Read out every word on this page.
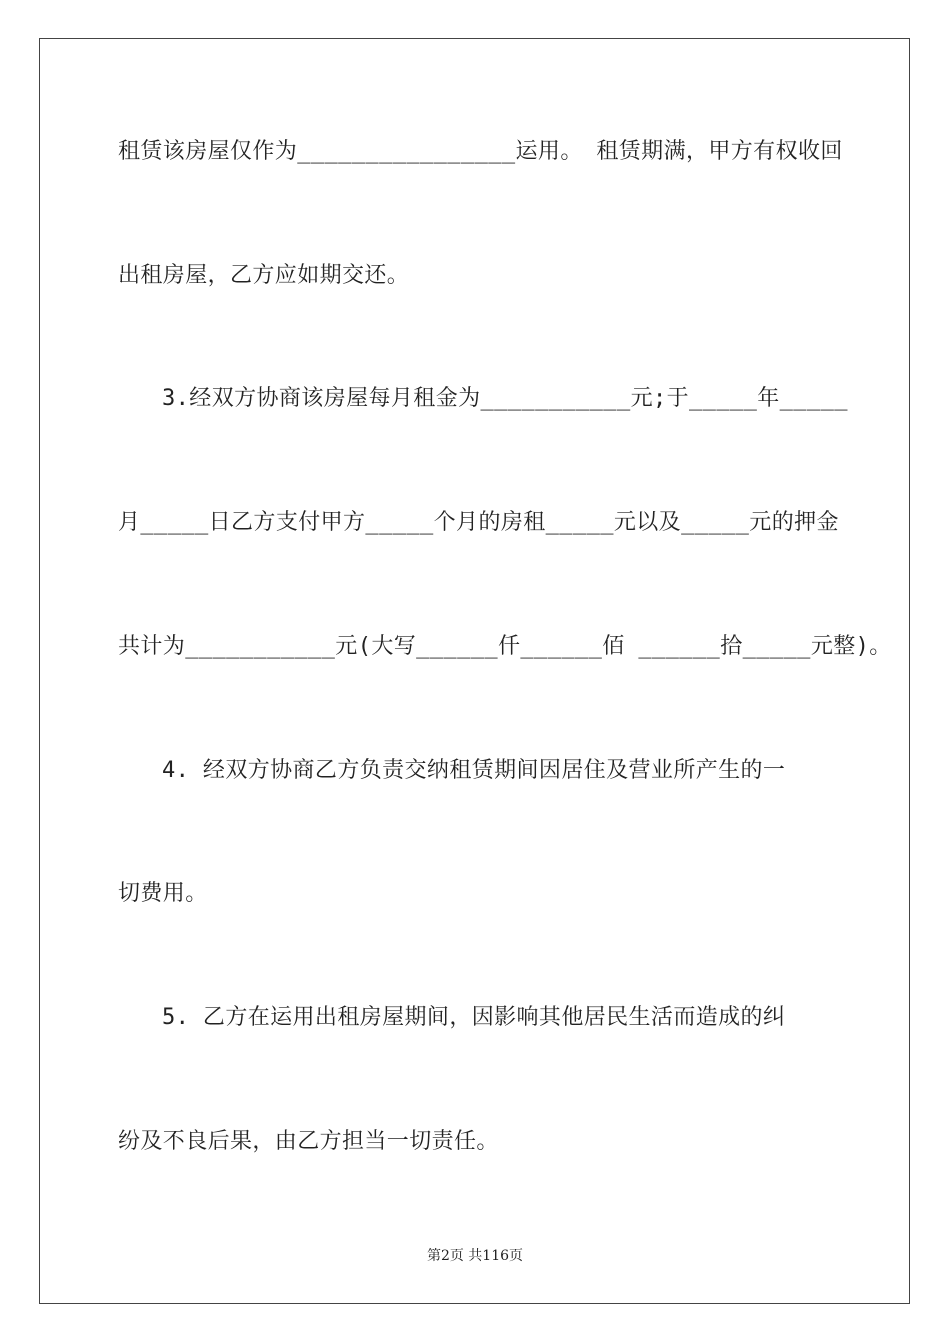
租赁该房屋仅作为________________运用。 租赁期满，甲方有权收回
出租房屋，乙方应如期交还。
3.经双方协商该房屋每月租金为___________元;于_____年_____
月_____日乙方支付甲方_____个月的房租_____元以及_____元的押金
共计为___________元(大写______仟______佰 ______拾_____元整)。
4. 经双方协商乙方负责交纳租赁期间因居住及营业所产生的一
切费用。
5. 乙方在运用出租房屋期间，因影响其他居民生活而造成的纠
纷及不良后果，由乙方担当一切责任。
第2页 共116页
